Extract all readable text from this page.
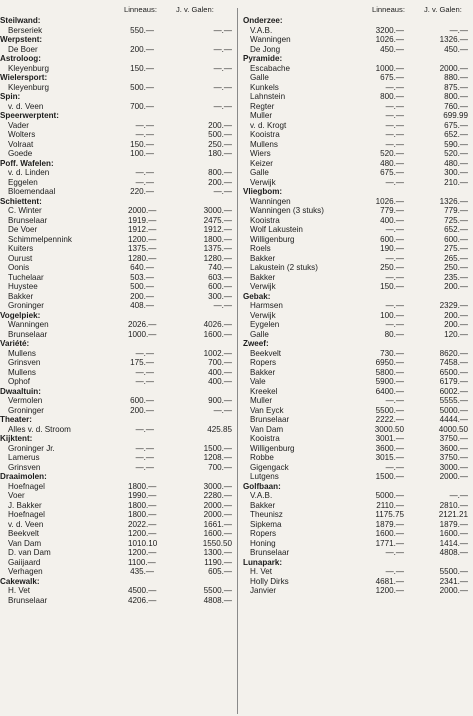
Linneaus:	J. v. Galen:
Steilwand:
Berseriek	550.—	—.—
Werpstent:
De Boer	200.—	—.—
Astroloog:
Kleyenburg	150.—	—.—
Wielersport:
Kleyenburg	500.—	—.—
Spin:
v. d. Veen	700.—	—.—
Speerwerptent:
Vader	—.—	200.—
Wolters	—.—	500.—
Volraat	150.—	250.—
Goede	100.—	180.—
Poff. Wafelen:
v. d. Linden	—.—	800.—
Eggelen	—.—	200.—
Bloemendaal	220.—	—.—
Schiettent:
C. Winter	2000.—	3000.—
Brunselaar	1919.—	2475.—
De Voer	1912.—	1912.—
Schimmelpennink	1200.—	1800.—
Kuiters	1375.—	1375.—
Ourust	1280.—	1280.—
Oonis	640.—	740.—
Tuchelaar	503.—	603.—
Huystee	500.—	600.—
Bakker	200.—	300.—
Groninger	408.—	—.—
Vogelpiek:
Wanningen	2026.—	4026.—
Brunselaar	1000.—	1600.—
Variété:
Mullens	—.—	1002.—
Grinsven	175.—	700.—
Mullens	—.—	400.—
Ophof	—.—	400.—
Dwaaltuin:
Vermolen	600.—	900.—
Groninger	200.—	—.—
Theater:
Alles v. d. Stroom	—.—	425.85
Kijktent:
Groninger Jr.	—.—	1500.—
Lamerus	—.—	1208.—
Grinsven	—.—	700.—
Draaimolen:
Hoefnagel	1800.—	3000.—
Voer	1990.—	2280.—
J. Bakker	1800.—	2000.—
Hoefnagel	1800.—	2000.—
v. d. Veen	2022.—	1661.—
Beekvelt	1200.—	1600.—
Van Dam	1010.10	1550.50
D. van Dam	1200.—	1300.—
Gaiijaard	1100.—	1190.—
Verhagen	435.—	605.—
Cakewalk:
H. Vet	4500.—	5500.—
Brunselaar	4206.—	4808.—
Linneaus:	J. v. Galen:
Onderzee:
V.A.B.	3200.—	—.—
Wanningen	1026.—	1326.—
De Jong	450.—	450.—
Pyramide:
Escabache	1000.—	2000.—
Galle	675.—	880.—
Kunkels	—.—	875.—
Lahnstein	800.—	800.—
Regter	—.—	760.—
Muller	—.—	699.99
v. d. Krogt	—.—	675.—
Kooistra	—.—	652.—
Mullens	—.—	590.—
Wiers	520.—	520.—
Keizer	480.—	480.—
Galle	675.—	300.—
Verwijk	—.—	210.—
Vliegbom:
Wanningen	1026.—	1326.—
Wanningen (3 stuks)	779.—	779.—
Kooistra	400.—	725.—
Wolf Lakustein	—.—	652.—
Willigenburg	600.—	600.—
Roels	190.—	275.—
Bakker	—.—	265.—
Lakustein (2 stuks)	250.—	250.—
Bakker	—.—	235.—
Verwijk	150.—	200.—
Gebak:
Harmsen	—.—	2329.—
Verwijk	100.—	200.—
Eygelen	—.—	200.—
Galle	80.—	120.—
Zweef:
Beekvelt	730.—	8620.—
Ropers	6950.—	7458.—
Bakker	5800.—	6500.—
Vale	5900.—	6179.—
Kreekel	6400.—	6002.—
Muller	—.—	5555.—
Van Eyck	5500.—	5000.—
Brunselaar	2222.—	4444.—
Van Dam	3000.50	4000.50
Kooistra	3001.—	3750.—
Willigenburg	3600.—	3600.—
Robbe	3015.—	3750.—
Gigengack	—.—	3000.—
Lutgens	1500.—	2000.—
Golfbaan:
V.A.B.	5000.—	—.—
Bakker	2110.—	2810.—
Theunisz	1175.75	2121.21
Sipkema	1879.—	1879.—
Ropers	1600.—	1600.—
Honing	1771.—	1414.—
Brunselaar	—.—	4808.—
Lunapark:
H. Vet	—.—	5500.—
Holly Dirks	4681.—	2341.—
Janvier	1200.—	2000.—
